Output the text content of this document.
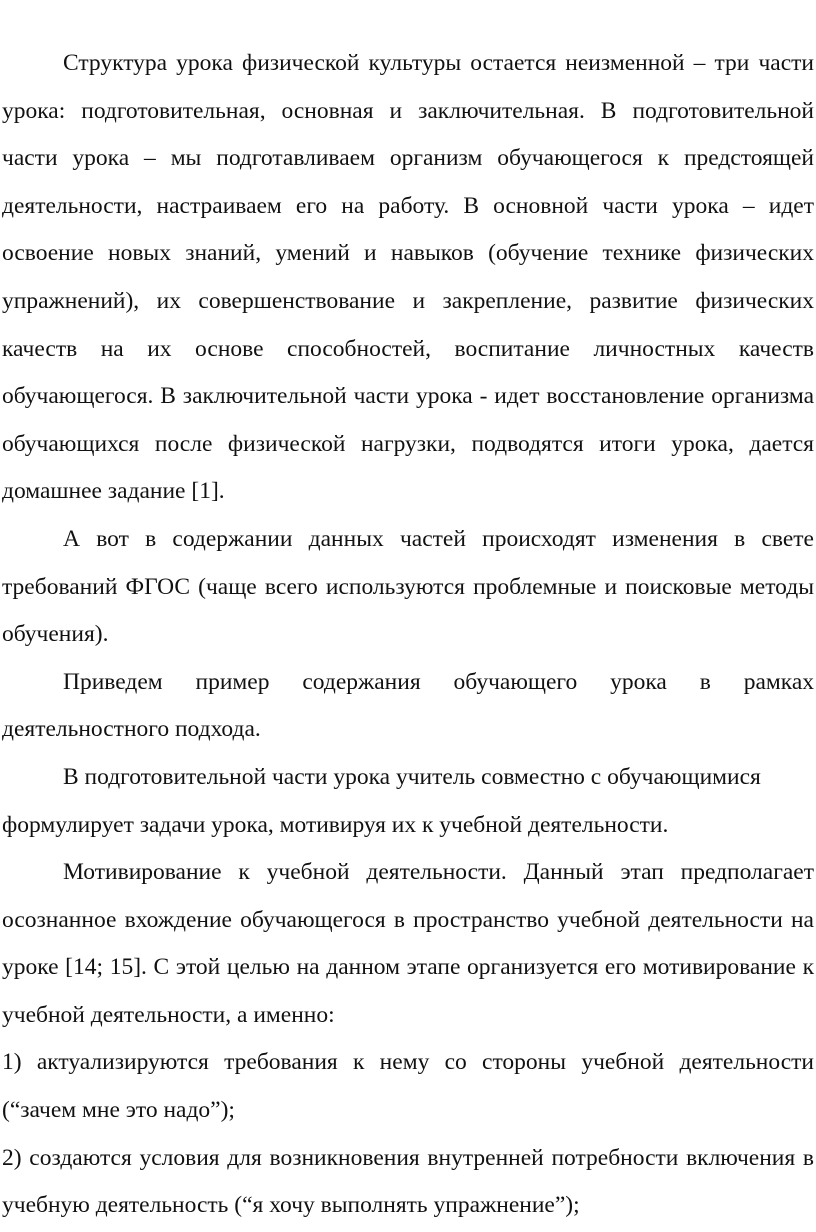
Структура урока физической культуры остается неизменной – три части урока: подготовительная, основная и заключительная. В подготовительной части урока – мы подготавливаем организм обучающегося к предстоящей деятельности, настраиваем его на работу. В основной части урока – идет освоение новых знаний, умений и навыков (обучение технике физических упражнений), их совершенствование и закрепление, развитие физических качеств на их основе способностей, воспитание личностных качеств обучающегося. В заключительной части урока - идет восстановление организма обучающихся после физической нагрузки, подводятся итоги урока, дается домашнее задание [1].

А вот в содержании данных частей происходят изменения в свете требований ФГОС (чаще всего используются проблемные и поисковые методы обучения).

Приведем пример содержания обучающего урока в рамках деятельностного подхода.

В подготовительной части урока учитель совместно с обучающимися формулирует задачи урока, мотивируя их к учебной деятельности.

Мотивирование к учебной деятельности. Данный этап предполагает осознанное вхождение обучающегося в пространство учебной деятельности на уроке [14; 15]. С этой целью на данном этапе организуется его мотивирование к учебной деятельности, а именно:

1) актуализируются требования к нему со стороны учебной деятельности (“зачем мне это надо”);

2) создаются условия для возникновения внутренней потребности включения в учебную деятельность (“я хочу выполнять упражнение”);
